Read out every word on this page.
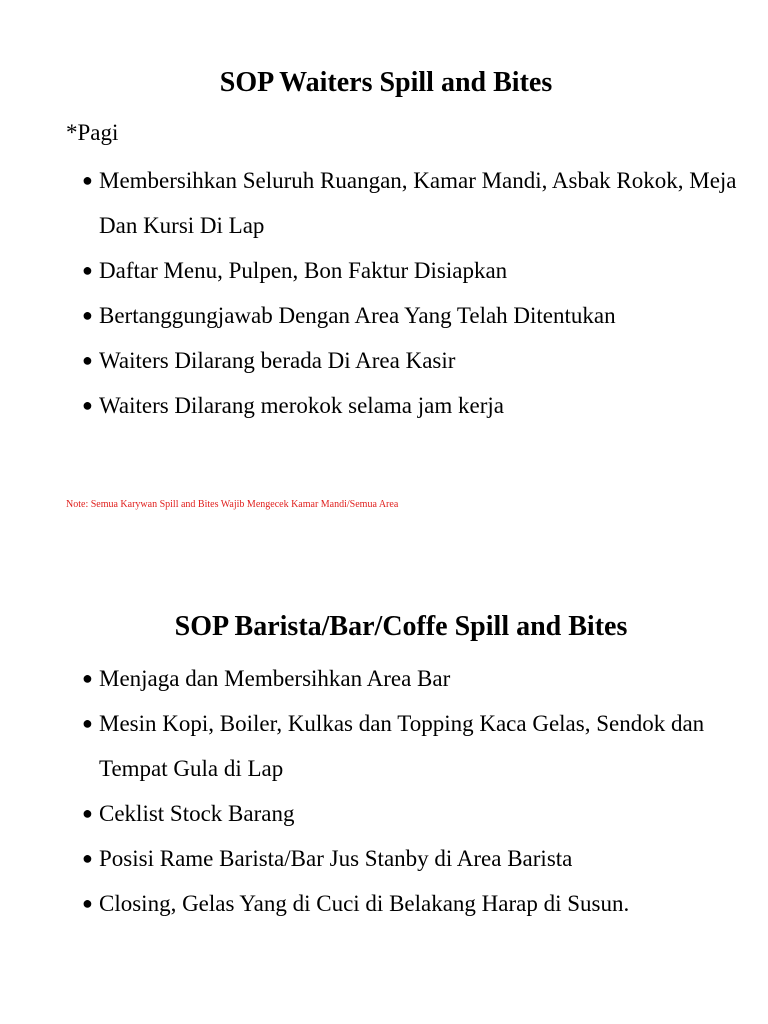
SOP Waiters Spill and Bites
*Pagi
● Membersihkan Seluruh Ruangan, Kamar Mandi, Asbak Rokok, Meja Dan Kursi Di Lap
● Daftar Menu, Pulpen, Bon Faktur Disiapkan
● Bertanggungjawab Dengan Area Yang Telah Ditentukan
● Waiters Dilarang berada Di Area Kasir
● Waiters Dilarang merokok selama jam kerja
Note: Semua Karywan Spill and Bites Wajib Mengecek Kamar Mandi/Semua Area
SOP Barista/Bar/Coffe Spill and Bites
● Menjaga dan Membersihkan Area Bar
● Mesin Kopi, Boiler, Kulkas dan Topping Kaca Gelas, Sendok dan Tempat Gula di Lap
● Ceklist Stock Barang
● Posisi Rame Barista/Bar Jus Stanby di Area Barista
● Closing, Gelas Yang di Cuci di Belakang Harap di Susun.
